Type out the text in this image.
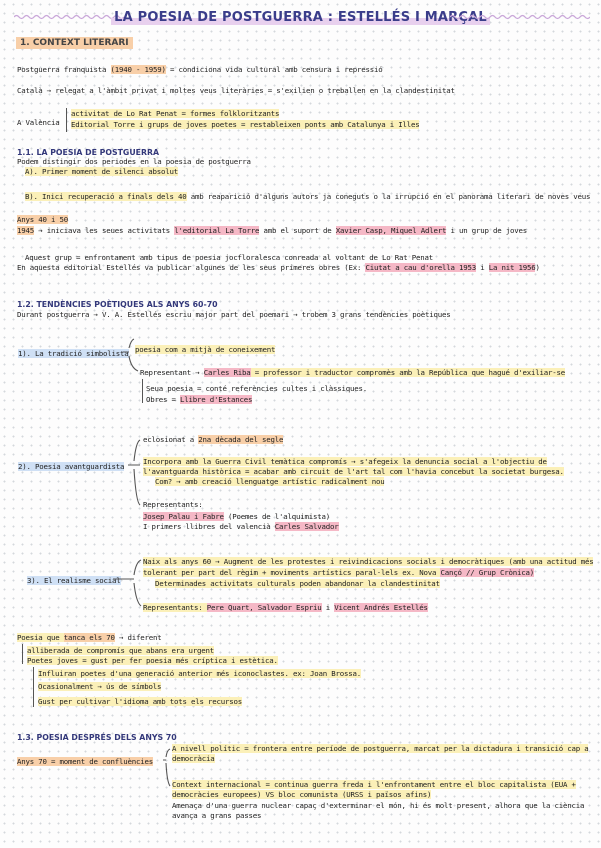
LA POESIA DE POSTGUERRA : ESTELLÉS I MARÇAL
1. CONTEXT LITERARI
Postguerra franquista (1940 - 1959) = condiciona vida cultural amb censura i repressió
Català → relegat a l'àmbit privat i moltes veus literàries = s'exilien o treballen en la clandestinitat
A València
activitat de Lo Rat Penat = formes folkloritzants
Editorial Torre i grups de joves poetes = restableixen ponts amb Catalunya i Illes
1.1. LA POESIA DE POSTGUERRA
Podem distingir dos periodes en la poesia de postguerra
A). Primer moment de silenci absolut
B). Inici recuperació a finals dels 40 amb reaparició d'alguns autors ja coneguts o la irrupció en el panorama literari de noves veus
Anys 40 i 50
1945 → iniciava les seues activitats l'editorial La Torre amb el suport de Xavier Casp, Miquel Adlert i un grup de joves
Aquest grup = enfrontament amb tipus de poesia jocfloralesca conreada al voltant de Lo Rat Penat
En aquesta editorial Estellés va publicar algunes de les seus primeres obres (Ex: Ciutat a cau d'orella 1953 i La nit 1956)
1.2. TENDÈNCIES POÈTIQUES ALS ANYS 60-70
Durant postguerra → V. A. Estellés escriu major part del poemari → trobem 3 grans tendències poètiques
1). La tradició simbolista poesia com a mitjà de coneixement
Representant → Carles Riba = professor i traductor compromès amb la República que hagué d'exiliar-se
Seua poesia = conté referències cultes i clàssiques.
Obres = Llibre d'Estances
2). Poesia avantguardista
eclosionat a 2na dècada del segle
Incorpora amb la Guerra Civil temàtica compromís → s'afegeix la denuncia social a l'objectiu de
l'avantguarda històrica = acabar amb circuit de l'art tal com l'havia concebut la societat burgesa.
Com? → amb creació llenguatge artístic radicalment nou
Representants:
Josep Palau i Fabre (Poemes de l'alquimista)
I primers llibres del valencià Carles Salvador
3). El realisme social
Naix als anys 60 → Augment de les protestes i reivindicacions socials i democràtiques (amb una actitud més
tolerant per part del règim + moviments artístics paral·lels ex. Nova Cançó // Grup Crònica)
Determinades activitats culturals poden abandonar la clandestinitat
Representants: Pere Quart, Salvador Espriu i Vicent Andrés Estellés
Poesia que tanca els 70 → diferent
alliberada de compromís que abans era urgent
Poetes joves = gust per fer poesia més críptica i estètica.
Influiran poetes d'una generació anterior més iconoclastes. ex: Joan Brossa.
Ocasionalment → ús de símbols
Gust per cultivar l'idioma amb tots els recursos
1.3. POESIA DESPRÉS DELS ANYS 70
Anys 70 = moment de confluències
A nivell polític = frontera entre període de postguerra, marcat per la dictadura i transició cap a
democràcia
Context internacional = continua guerra freda i l'enfrontament entre el bloc capitalista (EUA +
democràcies europees) VS bloc comunista (URSS i països afins)
Amenaça d'una guerra nuclear capaç d'exterminar el món, hi és molt present, alhora que la ciència
avança a grans passes
